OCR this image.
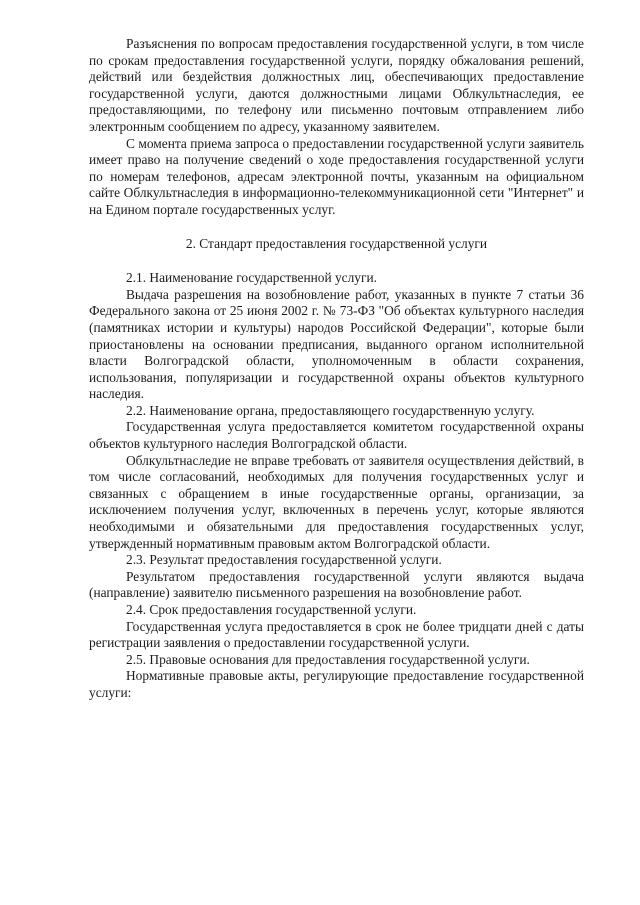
Разъяснения по вопросам предоставления государственной услуги, в том числе по срокам предоставления государственной услуги, порядку обжалования решений, действий или бездействия должностных лиц, обеспечивающих предоставление государственной услуги, даются должностными лицами Облкультнаследия, ее предоставляющими, по телефону или письменно почтовым отправлением либо электронным сообщением по адресу, указанному заявителем.

С момента приема запроса о предоставлении государственной услуги заявитель имеет право на получение сведений о ходе предоставления государственной услуги по номерам телефонов, адресам электронной почты, указанным на официальном сайте Облкультнаследия в информационно-телекоммуникационной сети "Интернет" и на Едином портале государственных услуг.

2. Стандарт предоставления государственной услуги

2.1. Наименование государственной услуги.

Выдача разрешения на возобновление работ, указанных в пункте 7 статьи 36 Федерального закона от 25 июня 2002 г. № 73-ФЗ "Об объектах культурного наследия (памятниках истории и культуры) народов Российской Федерации", которые были приостановлены на основании предписания, выданного органом исполнительной власти Волгоградской области, уполномоченным в области сохранения, использования, популяризации и государственной охраны объектов культурного наследия.

2.2. Наименование органа, предоставляющего государственную услугу.

Государственная услуга предоставляется комитетом государственной охраны объектов культурного наследия Волгоградской области.

Облкультнаследие не вправе требовать от заявителя осуществления действий, в том числе согласований, необходимых для получения государственных услуг и связанных с обращением в иные государственные органы, организации, за исключением получения услуг, включенных в перечень услуг, которые являются необходимыми и обязательными для предоставления государственных услуг, утвержденный нормативным правовым актом Волгоградской области.

2.3. Результат предоставления государственной услуги.

Результатом предоставления государственной услуги являются выдача (направление) заявителю письменного разрешения на возобновление работ.

2.4. Срок предоставления государственной услуги.

Государственная услуга предоставляется в срок не более тридцати дней с даты регистрации заявления о предоставлении государственной услуги.

2.5. Правовые основания для предоставления государственной услуги.

Нормативные правовые акты, регулирующие предоставление государственной услуги:
